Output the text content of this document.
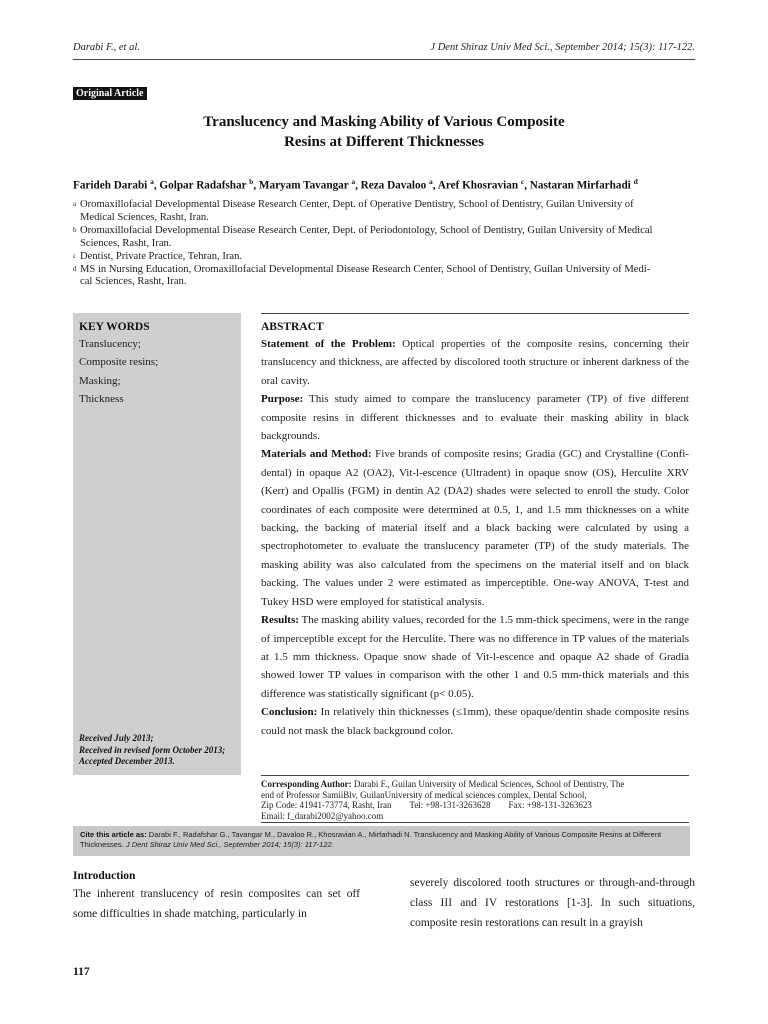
Darabi F., et al.	J Dent Shiraz Univ Med Sci., September 2014; 15(3): 117-122.
Original Article
Translucency and Masking Ability of Various Composite
Resins at Different Thicknesses
Farideh Darabi $^a$, Golpar Radafshar $^b$, Maryam Tavangar $^a$, Reza Davaloo $^a$, Aref Khosravian $^c$, Nastaran Mirfarhadi $^d$
a Oromaxillofacial Developmental Disease Research Center, Dept. of Operative Dentistry, School of Dentistry, Guilan University of
Medical Sciences, Rasht, Iran.
b Oromaxillofacial Developmental Disease Research Center, Dept. of Periodontology, School of Dentistry, Guilan University of Medical
Sciences, Rasht, Iran.
c Dentist, Private Practice, Tehran, Iran.
d MS in Nursing Education, Oromaxillofacial Developmental Disease Research Center, School of Dentistry, Guilan University of Medi-
cal Sciences, Rasht, Iran.
KEY WORDS
Translucency;
Composite resins;
Masking;
Thickness
Received July 2013;
Received in revised form October 2013;
Accepted December 2013.
ABSTRACT

Statement of the Problem: Optical properties of the composite resins, concerning their translucency and thickness, are affected by discolored tooth structure or inherent darkness of the oral cavity.

Purpose: This study aimed to compare the translucency parameter (TP) of five different composite resins in different thicknesses and to evaluate their masking ability in black backgrounds.

Materials and Method: Five brands of composite resins; Gradia (GC) and Crystalline (Confi-dental) in opaque A2 (OA2), Vit-l-escence (Ultradent) in opaque snow (OS), Herculite XRV (Kerr) and Opallis (FGM) in dentin A2 (DA2) shades were selected to enroll the study. Color coordinates of each composite were determined at 0.5, 1, and 1.5 mm thicknesses on a white backing, the backing of material itself and a black backing were calculated by using a spectrophotometer to evaluate the translucency parameter (TP) of the study materials. The masking ability was also calculated from the specimens on the material itself and on black backing. The values under 2 were estimated as imperceptible. One-way ANOVA, T-test and Tukey HSD were employed for statistical analysis.

Results: The masking ability values, recorded for the 1.5 mm-thick specimens, were in the range of imperceptible except for the Herculite. There was no difference in TP values of the materials at 1.5 mm thickness. Opaque snow shade of Vit-l-escence and opaque A2 shade of Gradia showed lower TP values in comparison with the other 1 and 0.5 mm-thick materials and this difference was statistically significant (p< 0.05).

Conclusion: In relatively thin thicknesses (≤1mm), these opaque/dentin shade composite resins could not mask the black background color.

Corresponding Author: Darabi F., Guilan University of Medical Sciences, School of Dentistry, The
end of Professor SamiiBlv, GuilanUniversity of medical sciences complex, Dental School,
Zip Code: 41941-73774, Rasht, Iran        Tel: +98-131-3263628        Fax: +98-131-3263623
Email: f_darabi2002@yahoo.com
Cite this article as: Darabi F., Radafshar G., Tavangar M., Davaloo R., Khosravian A., Mirfarhadi N. Translucency and Masking Ability of Various Composite Resins at Different
Thicknesses. J Dent Shiraz Univ Med Sci., September 2014; 15(3): 117-122.
Introduction
The inherent translucency of resin composites can set off some difficulties in shade matching, particularly in
severely discolored tooth structures or through-and-through class III and IV restorations [1-3]. In such situations, composite resin restorations can result in a grayish
117
